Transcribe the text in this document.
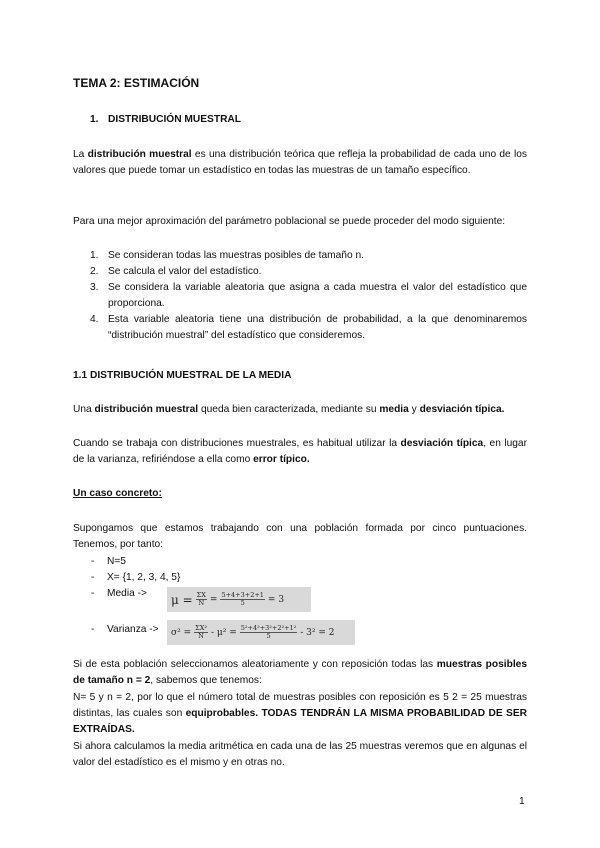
TEMA 2: ESTIMACIÓN
1. DISTRIBUCIÓN MUESTRAL

La distribución muestral es una distribución teórica que refleja la probabilidad de cada uno de los valores que puede tomar un estadístico en todas las muestras de un tamaño específico.

Para una mejor aproximación del parámetro poblacional se puede proceder del modo siguiente:

1. Se consideran todas las muestras posibles de tamaño n.
2. Se calcula el valor del estadístico.
3. Se considera la variable aleatoria que asigna a cada muestra el valor del estadístico que proporciona.
4. Esta variable aleatoria tiene una distribución de probabilidad, a la que denominaremos “distribución muestral” del estadístico que consideremos.
1.1 DISTRIBUCIÓN MUESTRAL DE LA MEDIA

Una distribución muestral queda bien caracterizada, mediante su media y desviación típica.

Cuando se trabaja con distribuciones muestrales, es habitual utilizar la desviación típica, en lugar de la varianza, refiriéndose a ella como error típico.

Un caso concreto:

Supongamos que estamos trabajando con una población formada por cinco puntuaciones. Tenemos, por tanto:

- N=5
- X= {1, 2, 3, 4, 5}
- Media ->
- Varianza ->
$\mu = \frac{\Sigma X}{N} = \frac{5+4+3+2+1}{5} = 3$
$\sigma^2 = \frac{\text{ΣX²}}{N} - \mu^2 = \frac{\text{5²+4²+3²+2²+1²}}{5} - 3^2 = 2$

Si de esta población seleccionamos aleatoriamente y con reposición todas las muestras posibles de tamaño n = 2, sabemos que tenemos:

N= 5 y n = 2, por lo que el número total de muestras posibles con reposición es 5 2 = 25 muestras distintas, las cuales son equiprobables. TODAS TENDRÁN LA MISMA PROBABILIDAD DE SER EXTRAÍDAS.

Si ahora calculamos la media aritmética en cada una de las 25 muestras veremos que en algunas el valor del estadístico es el mismo y en otras no.

1
